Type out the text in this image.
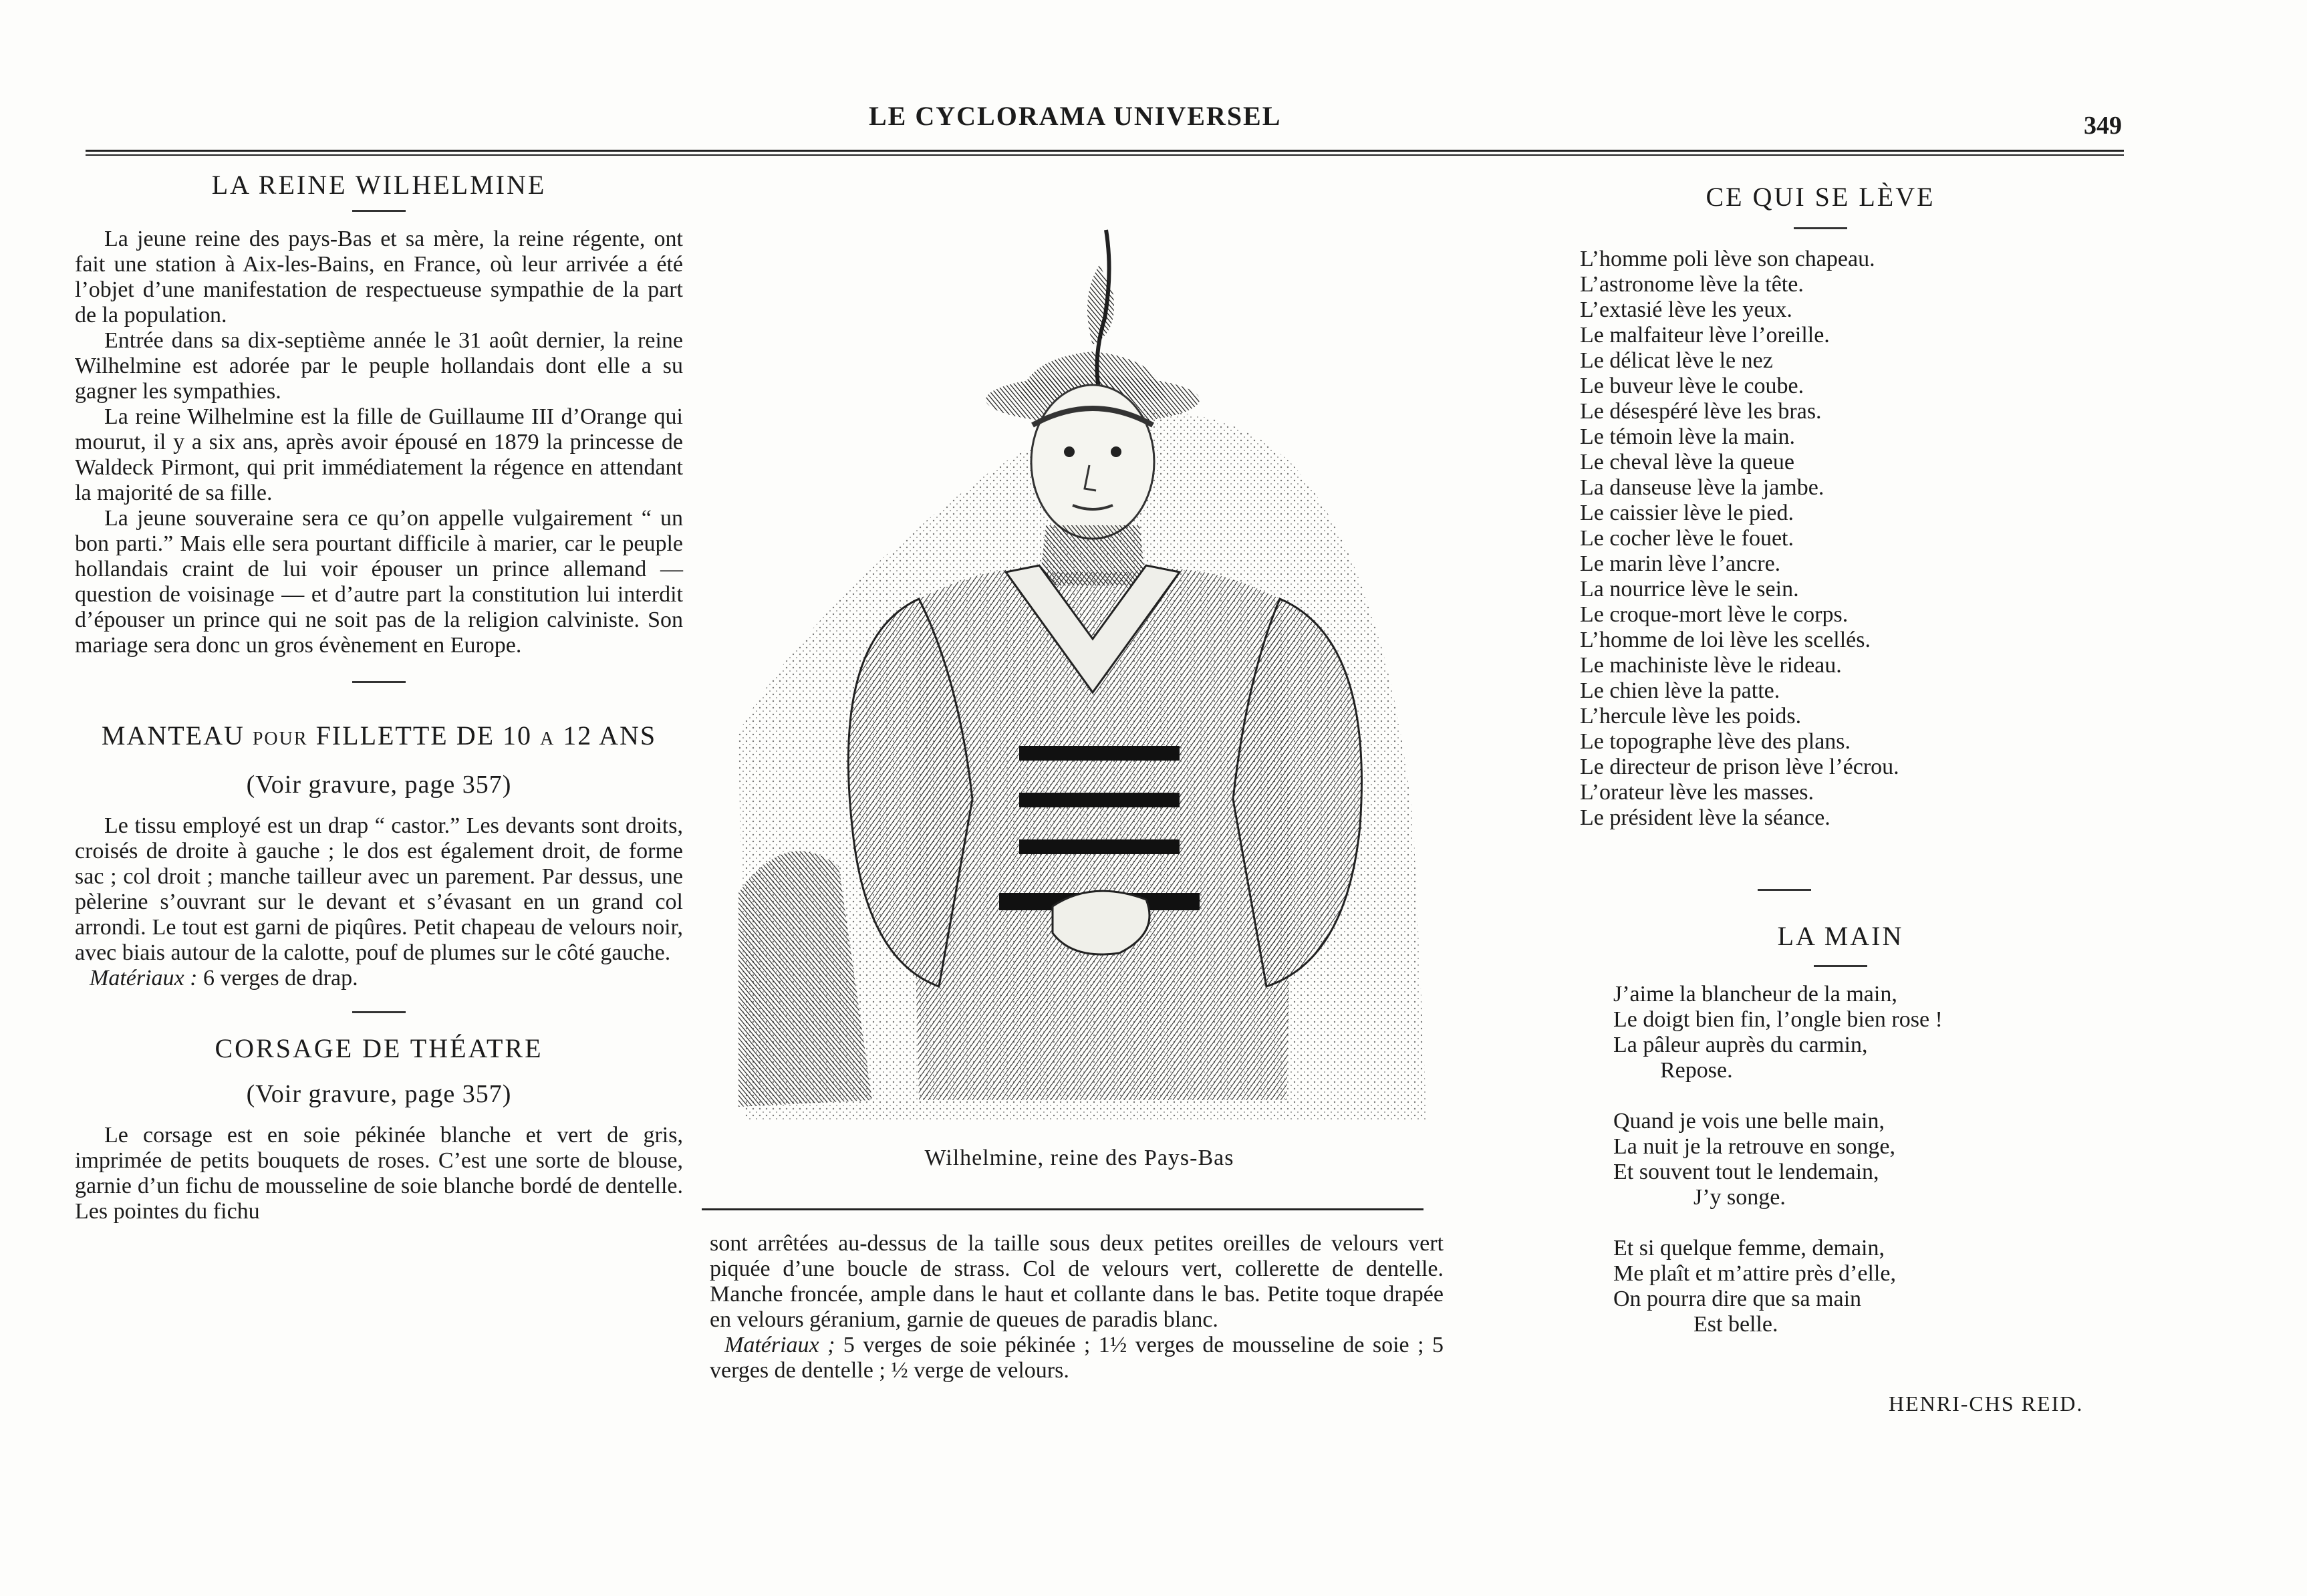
LE CYCLORAMA UNIVERSEL	349
LA REINE WILHELMINE

La jeune reine des pays-Bas et sa mère, la reine régente, ont fait une station à Aix-les-Bains, en France, où leur arrivée a été l’objet d’une manifestation de respectueuse sympathie de la part de la population.

Entrée dans sa dix-septième année le 31 août dernier, la reine Wilhelmine est adorée par le peuple hollandais dont elle a su gagner les sympathies.

La reine Wilhelmine est la fille de Guillaume III d’Orange qui mourut, il y a six ans, après avoir épousé en 1879 la princesse de Waldeck Pirmont, qui prit immédiatement la régence en attendant la majorité de sa fille.

La jeune souveraine sera ce qu’on appelle vulgairement “ un bon parti.” Mais elle sera pourtant difficile à marier, car le peuple hollandais craint de lui voir épouser un prince allemand — question de voisinage — et d’autre part la constitution lui interdit d’épouser un prince qui ne soit pas de la religion calviniste. Son mariage sera donc un gros évènement en Europe.

MANTEAU POUR FILLETTE DE 10 A 12 ANS
(Voir gravure, page 357)

Le tissu employé est un drap “ castor.” Les devants sont droits, croisés de droite à gauche ; le dos est également droit, de forme sac ; col droit ; manche tailleur avec un parement. Par dessus, une pèlerine s’ouvrant sur le devant et s’évasant en un grand col arrondi. Le tout est garni de piqûres. Petit chapeau de velours noir, avec biais autour de la calotte, pouf de plumes sur le côté gauche.

Matériaux : 6 verges de drap.

CORSAGE DE THÉATRE
(Voir gravure, page 357)

Le corsage est en soie pékinée blanche et vert de gris, imprimée de petits bouquets de roses. C’est une sorte de blouse, garnie d’un fichu de mousseline de soie blanche bordé de dentelle. Les pointes du fichu

Wilhelmine, reine des Pays-Bas

sont arrêtées au-dessus de la taille sous deux petites oreilles de velours vert piquée d’une boucle de strass. Col de velours vert, collerette de dentelle. Manche froncée, ample dans le haut et collante dans le bas. Petite toque drapée en velours géranium, garnie de queues de paradis blanc.

Matériaux ; 5 verges de soie pékinée ; 1½ verges de mousseline de soie ; 5 verges de dentelle ; ½ verge de velours.

CE QUI SE LÈVE
L’homme poli lève son chapeau.
L’astronome lève la tête.
L’extasié lève les yeux.
Le malfaiteur lève l’oreille.
Le délicat lève le nez
Le buveur lève le coube.
Le désespéré lève les bras.
Le témoin lève la main.
Le cheval lève la queue
La danseuse lève la jambe.
Le caissier lève le pied.
Le cocher lève le fouet.
Le marin lève l’ancre.
La nourrice lève le sein.
Le croque-mort lève le corps.
L’homme de loi lève les scellés.
Le machiniste lève le rideau.
Le chien lève la patte.
L’hercule lève les poids.
Le topographe lève des plans.
Le directeur de prison lève l’écrou.
L’orateur lève les masses.
Le président lève la séance.
LA MAIN
J’aime la blancheur de la main,
Le doigt bien fin, l’ongle bien rose !
La pâleur auprès du carmin,
Repose.
Quand je vois une belle main,
La nuit je la retrouve en songe,
Et souvent tout le lendemain,
J’y songe.
Et si quelque femme, demain,
Me plaît et m’attire près d’elle,
On pourra dire que sa main
Est belle.
HENRI-CHS REID.
